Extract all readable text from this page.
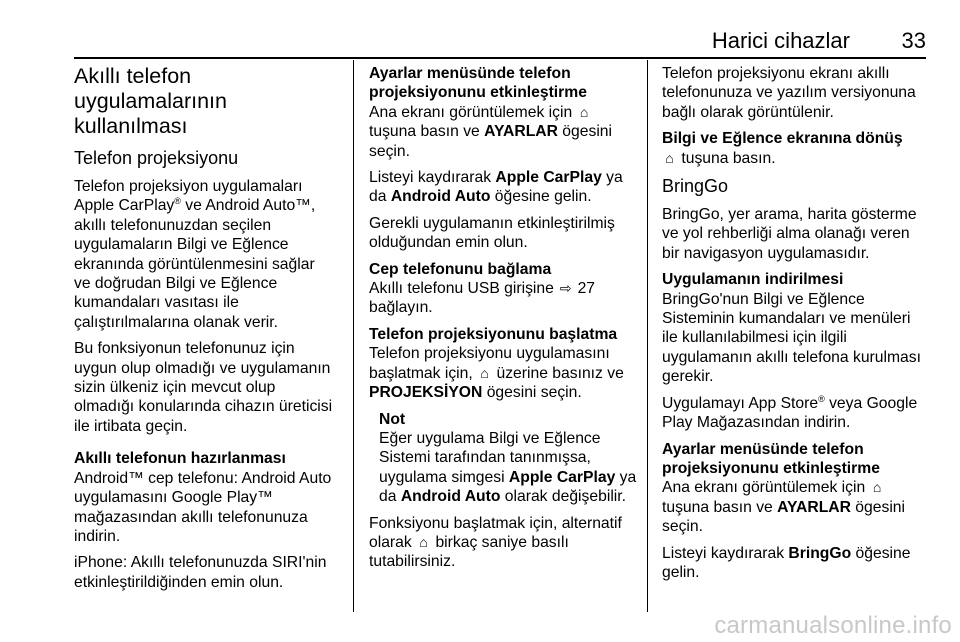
Harici cihazlar	33
Akıllı telefon
uygulamalarının
kullanılması
Telefon projeksiyonu

Telefon projeksiyon uygulamaları
Apple CarPlay® ve Android Auto™,
akıllı telefonunuzdan seçilen
uygulamaların Bilgi ve Eğlence
ekranında görüntülenmesini sağlar
ve doğrudan Bilgi ve Eğlence
kumandaları vasıtası ile
çalıştırılmalarına olanak verir.

Bu fonksiyonun telefonunuz için
uygun olup olmadığı ve uygulamanın
sizin ülkeniz için mevcut olup
olmadığı konularında cihazın üreticisi
ile irtibata geçin.

Akıllı telefonun hazırlanması

Android™ cep telefonu: Android Auto
uygulamasını Google Play™
mağazasından akıllı telefonunuza
indirin.

iPhone: Akıllı telefonunuzda SIRI'nin
etkinleştirildiğinden emin olun.

Ayarlar menüsünde telefon
projeksiyonunu etkinleştirme

Ana ekranı görüntülemek için ⌂
tuşuna basın ve AYARLAR ögesini
seçin.

Listeyi kaydırarak Apple CarPlay ya
da Android Auto öğesine gelin.

Gerekli uygulamanın etkinleştirilmiş
olduğundan emin olun.

Cep telefonunu bağlama

Akıllı telefonu USB girişine ⇨ 27
bağlayın.

Telefon projeksiyonunu başlatma

Telefon projeksiyonu uygulamasını
başlatmak için, ⌂ üzerine basınız ve
PROJEKSİYON ögesini seçin.

Not
Eğer uygulama Bilgi ve Eğlence
Sistemi tarafından tanınmışsa,
uygulama simgesi Apple CarPlay ya
da Android Auto olarak değişebilir.

Fonksiyonu başlatmak için, alternatif
olarak ⌂ birkaç saniye basılı
tutabilirsiniz.

Telefon projeksiyonu ekranı akıllı
telefonunuza ve yazılım versiyonuna
bağlı olarak görüntülenir.

Bilgi ve Eğlence ekranına dönüş

⌂ tuşuna basın.

BringGo

BringGo, yer arama, harita gösterme
ve yol rehberliği alma olanağı veren
bir navigasyon uygulamasıdır.

Uygulamanın indirilmesi

BringGo'nun Bilgi ve Eğlence
Sisteminin kumandaları ve menüleri
ile kullanılabilmesi için ilgili
uygulamanın akıllı telefona kurulması
gerekir.

Uygulamayı App Store® veya Google
Play Mağazasından indirin.

Ayarlar menüsünde telefon
projeksiyonunu etkinleştirme

Ana ekranı görüntülemek için ⌂
tuşuna basın ve AYARLAR ögesini
seçin.

Listeyi kaydırarak BringGo öğesine
gelin.

carmanualsonline.info
